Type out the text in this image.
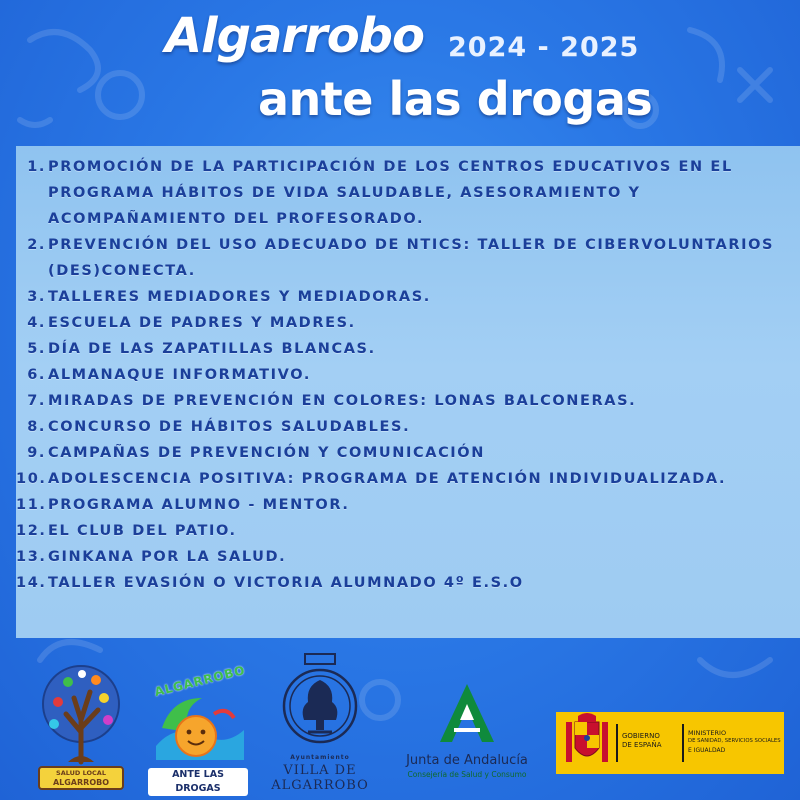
Algarrobo 2024 - 2025
ante las drogas
1. PROMOCIÓN DE LA PARTICIPACIÓN DE LOS CENTROS EDUCATIVOS EN EL PROGRAMA HÁBITOS DE VIDA SALUDABLE, ASESORAMIENTO Y ACOMPAÑAMIENTO DEL PROFESORADO.
2. PREVENCIÓN DEL USO ADECUADO DE NTICS: TALLER DE CIBERVOLUNTARIOS (DES)CONECTA.
3. TALLERES MEDIADORES Y MEDIADORAS.
4. ESCUELA DE PADRES Y MADRES.
5. DÍA DE LAS ZAPATILLAS BLANCAS.
6. ALMANAQUE INFORMATIVO.
7. MIRADAS DE PREVENCIÓN EN COLORES: LONAS BALCONERAS.
8. CONCURSO DE HÁBITOS SALUDABLES.
9. CAMPAÑAS DE PREVENCIÓN Y COMUNICACIÓN
10. ADOLESCENCIA POSITIVA: PROGRAMA DE ATENCIÓN INDIVIDUALIZADA.
11. PROGRAMA ALUMNO - MENTOR.
12. EL CLUB DEL PATIO.
13. GINKANA POR LA SALUD.
14. TALLER EVASIÓN O VICTORIA ALUMNADO 4º E.S.O
SALUD LOCAL
ALGARROBO
ALGARROBO
ANTE LAS DROGAS
Ayuntamiento
VILLA DE
ALGARROBO
Junta de Andalucía
Consejería de Salud y Consumo
GOBIERNO
DE ESPAÑA
MINISTERIO
DE SANIDAD, SERVICIOS SOCIALES
E IGUALDAD
